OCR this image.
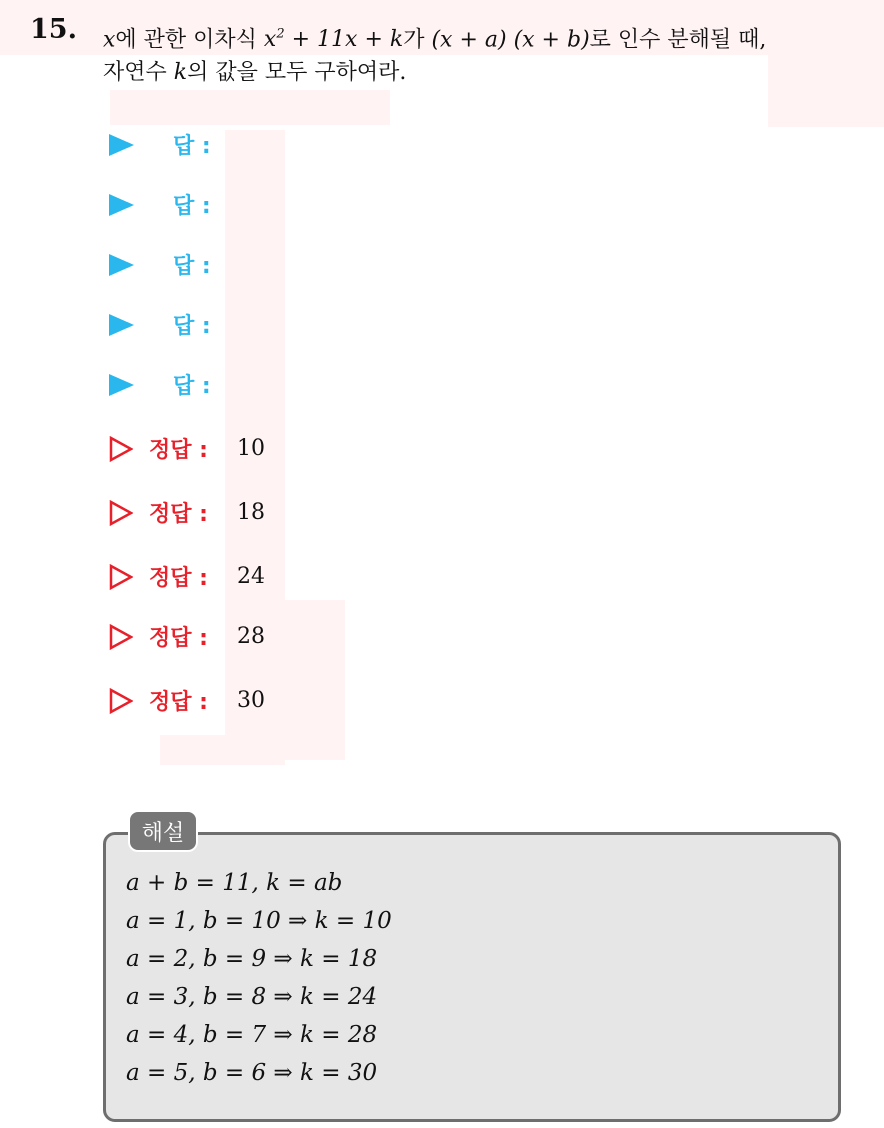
15. x에 관한 이차식 $x^2 + 11x + k$가 (x + a) (x + b)로 인수 분해될 때,
자연수 k의 값을 모두 구하여라.
답 :
답 :
답 :
답 :
답 :
정답 : 10
정답 : 18
정답 : 24
정답 : 28
정답 : 30
해설
a + b = 11, k = ab
a = 1, b = 10 ⇒ k = 10
a = 2, b = 9 ⇒ k = 18
a = 3, b = 8 ⇒ k = 24
a = 4, b = 7 ⇒ k = 28
a = 5, b = 6 ⇒ k = 30
